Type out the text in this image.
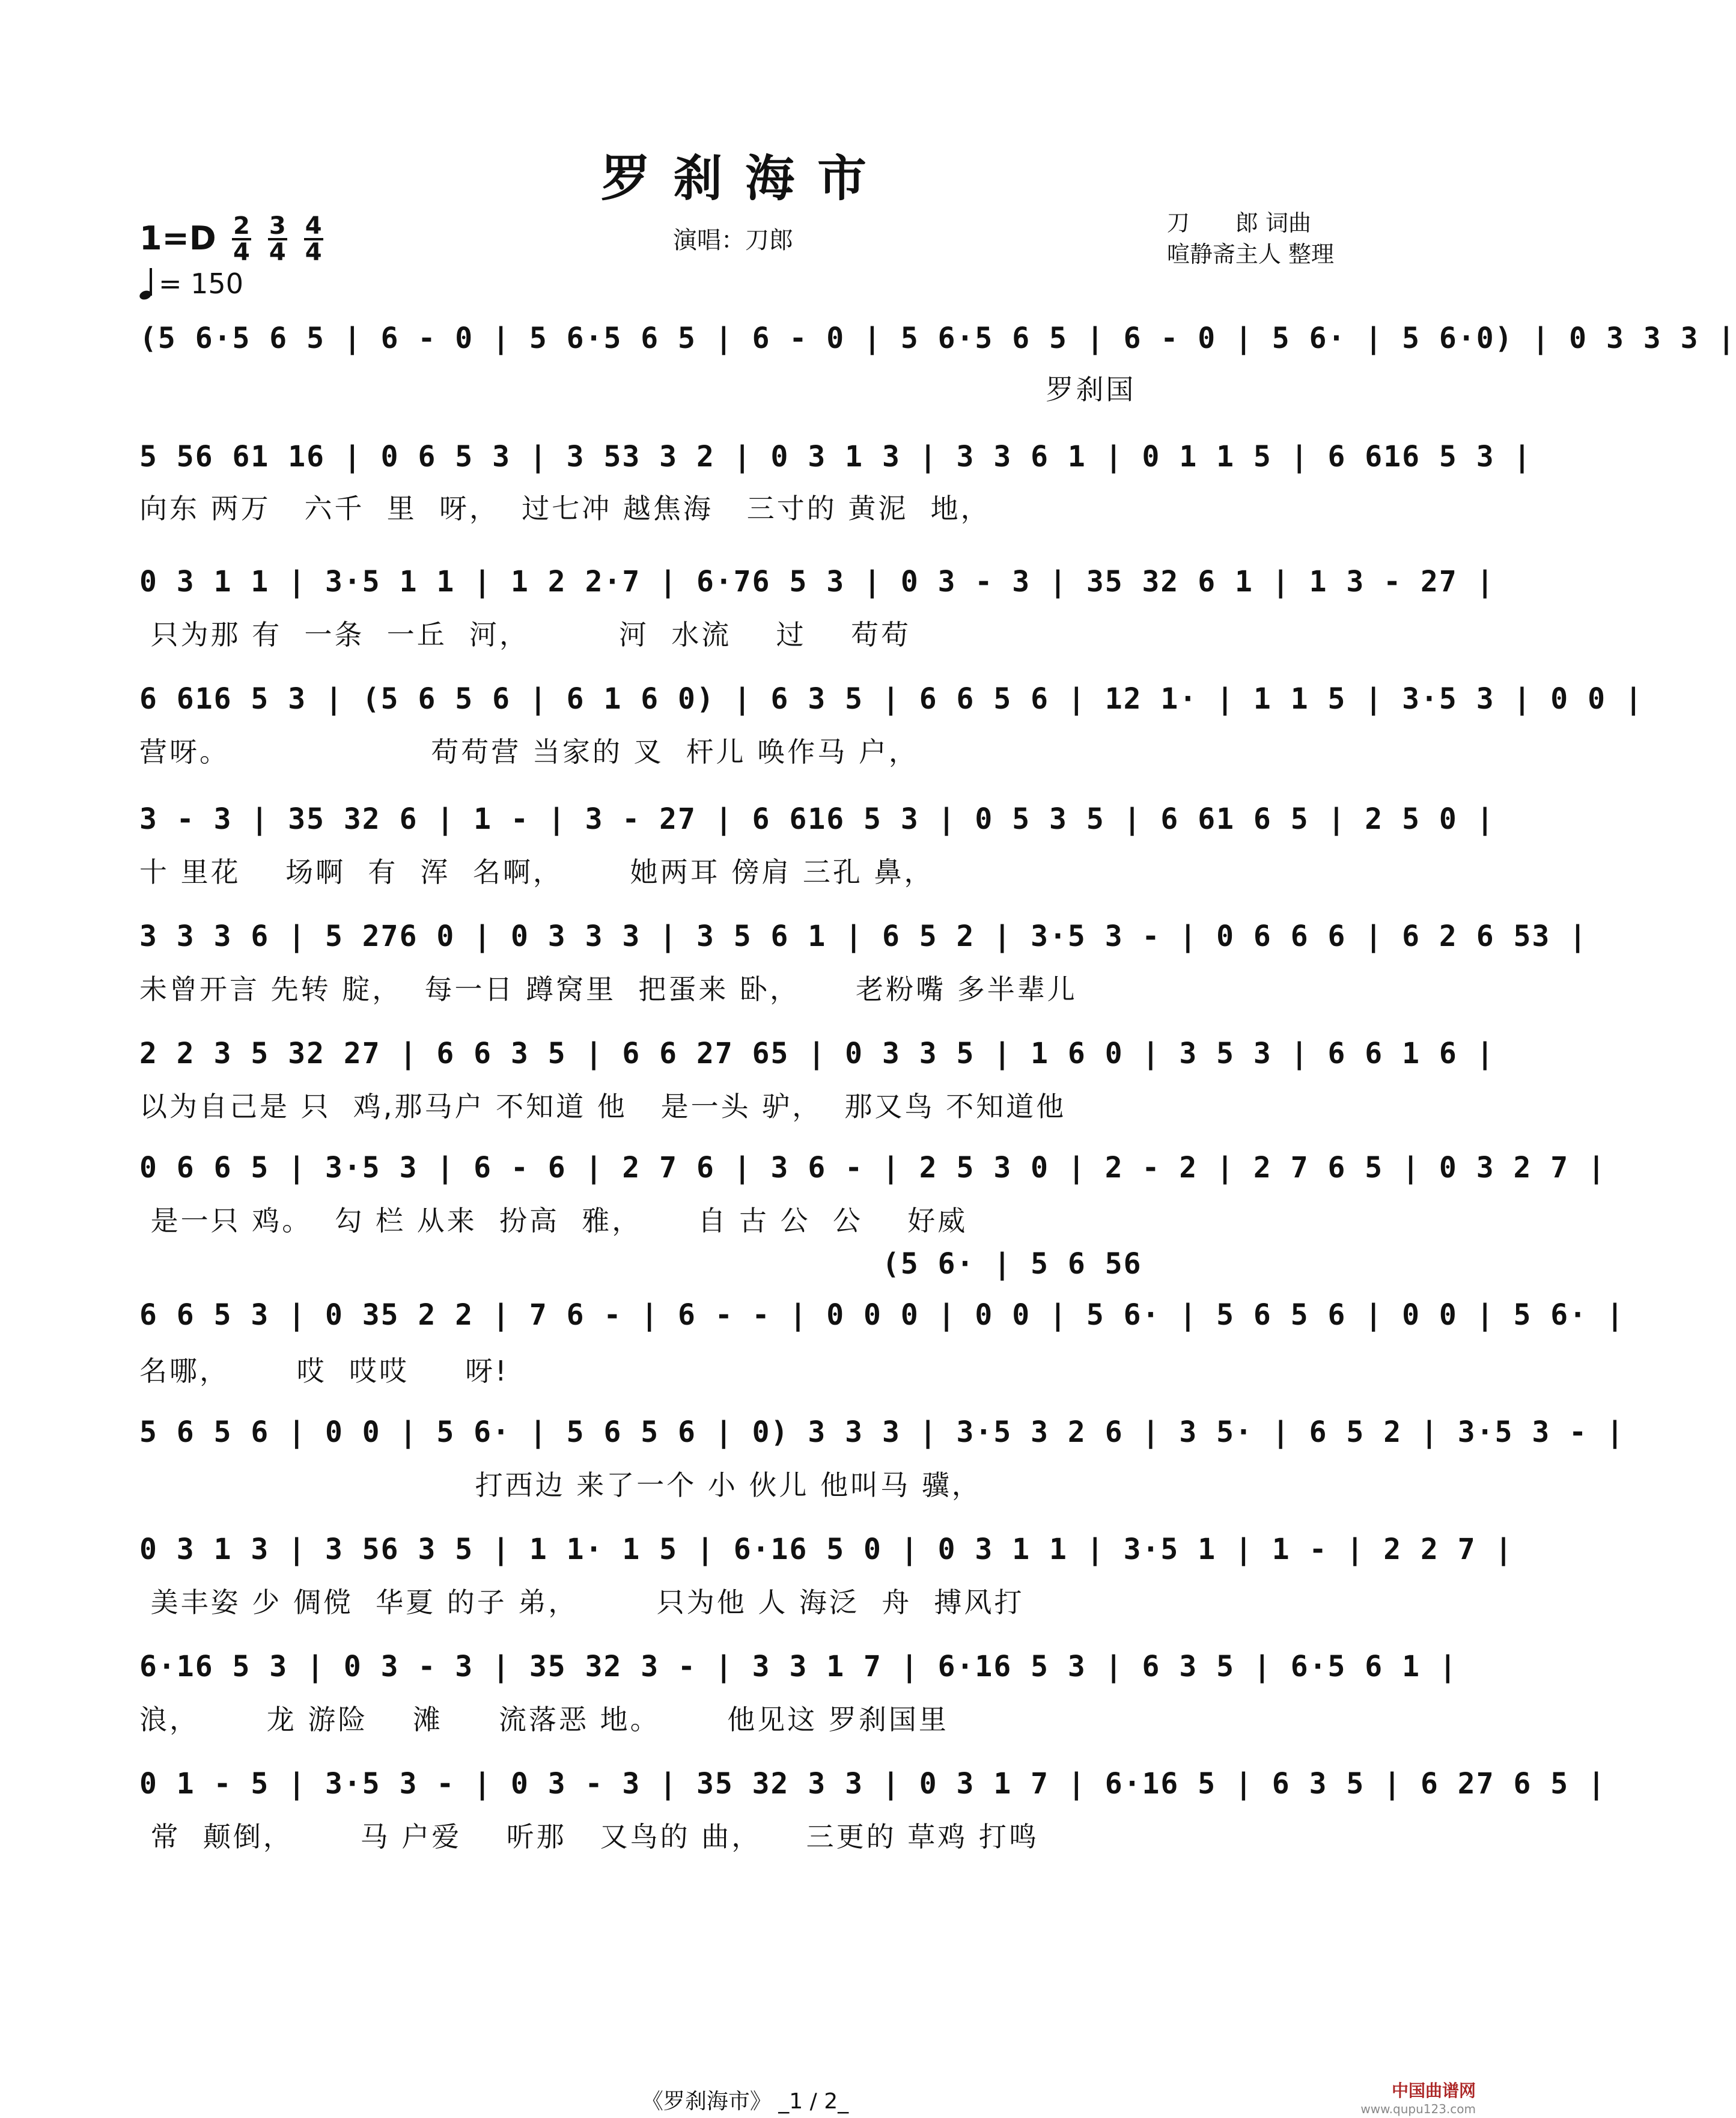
罗刹海市
$1=D \frac{2}{4} \frac{3}{4} \frac{4}{4}$
= 150
演唱：刀郎
刀　　郎 词曲
喧静斋主人 整理
(5 6·5 6 5 | 6 - 0 | 5 6·5 6 5 | 6 - 0 | 5 6·5 6 5 | 6 - 0 | 5 6· | 5 6·0) | 0 3 3 3 |
罗刹国
5 56 61 16 | 0 6 5 3 | 3 53 3 2 | 0 3 1 3 | 3 3 6 1 | 0 1 1 5 | 6 616 5 3 |
向东 两万   六千  里  呀，  过七冲 越焦海   三寸的 黄泥  地，
0 3 1 1 | 3·5 1 1 | 1 2 2·7 | 6·76 5 3 | 0 3 - 3 | 35 32 6 1 | 1 3 - 27 |
只为那 有  一条  一丘  河，        河  水流    过    苟苟
6 616 5 3 | (5 6 5 6 | 6 1 6 0) | 6 3 5 | 6 6 5 6 | 12 1· | 1 1 5 | 3·5 3 | 0 0 |
营呀。                  苟苟营 当家的 叉  杆儿 唤作马 户，
3 - 3 | 35 32 6 | 1 - | 3 - 27 | 6 616 5 3 | 0 5 3 5 | 6 61 6 5 | 2 5 0 |
十 里花    场啊  有  浑  名啊，      她两耳 傍肩 三孔 鼻，
3 3 3 6 | 5 276 0 | 0 3 3 3 | 3 5 6 1 | 6 5 2 | 3·5 3 - | 0 6 6 6 | 6 2 6 53 |
未曾开言 先转 腚，  每一日 蹲窝里  把蛋来 卧，     老粉嘴 多半辈儿
2 2 3 5 32 27 | 6 6 3 5 | 6 6 27 65 | 0 3 3 5 | 1 6 0 | 3 5 3 | 6 6 1 6 |
以为自己是 只  鸡,那马户 不知道 他   是一头 驴，  那又鸟 不知道他
0 6 6 5 | 3·5 3 | 6 - 6 | 2 7 6 | 3 6 - | 2 5 3 0 | 2 - 2 | 2 7 6 5 | 0 3 2 7 |
是一只 鸡。  勾 栏 从来  扮高  雅，     自 古 公  公    好威
(5 6· | 5 6 56
6 6 5 3 | 0 35 2 2 | 7 6 - | 6 - - | 0 0 0 | 0 0 | 5 6· | 5 6 5 6 | 0 0 | 5 6· |
名哪，      哎  哎哎     呀!
5 6 5 6 | 0 0 | 5 6· | 5 6 5 6 | 0) 3 3 3 | 3·5 3 2 6 | 3 5· | 6 5 2 | 3·5 3 - |
打西边 来了一个 小 伙儿 他叫马 骥，
0 3 1 3 | 3 56 3 5 | 1 1· 1 5 | 6·16 5 0 | 0 3 1 1 | 3·5 1 | 1 - | 2 2 7 |
美丰姿 少 倜傥  华夏 的子 弟，       只为他 人 海泛  舟  搏风打
6·16 5 3 | 0 3 - 3 | 35 32 3 - | 3 3 1 7 | 6·16 5 3 | 6 3 5 | 6·5 6 1 |
浪，      龙 游险    滩     流落恶 地。      他见这 罗刹国里
0 1 - 5 | 3·5 3 - | 0 3 - 3 | 35 32 3 3 | 0 3 1 7 | 6·16 5 | 6 3 5 | 6 27 6 5 |
常  颠倒，      马 户爱    听那   又鸟的 曲，    三更的 草鸡 打鸣
《罗刹海市》 _1 / 2_	中国曲谱网
www.qupu123.com
